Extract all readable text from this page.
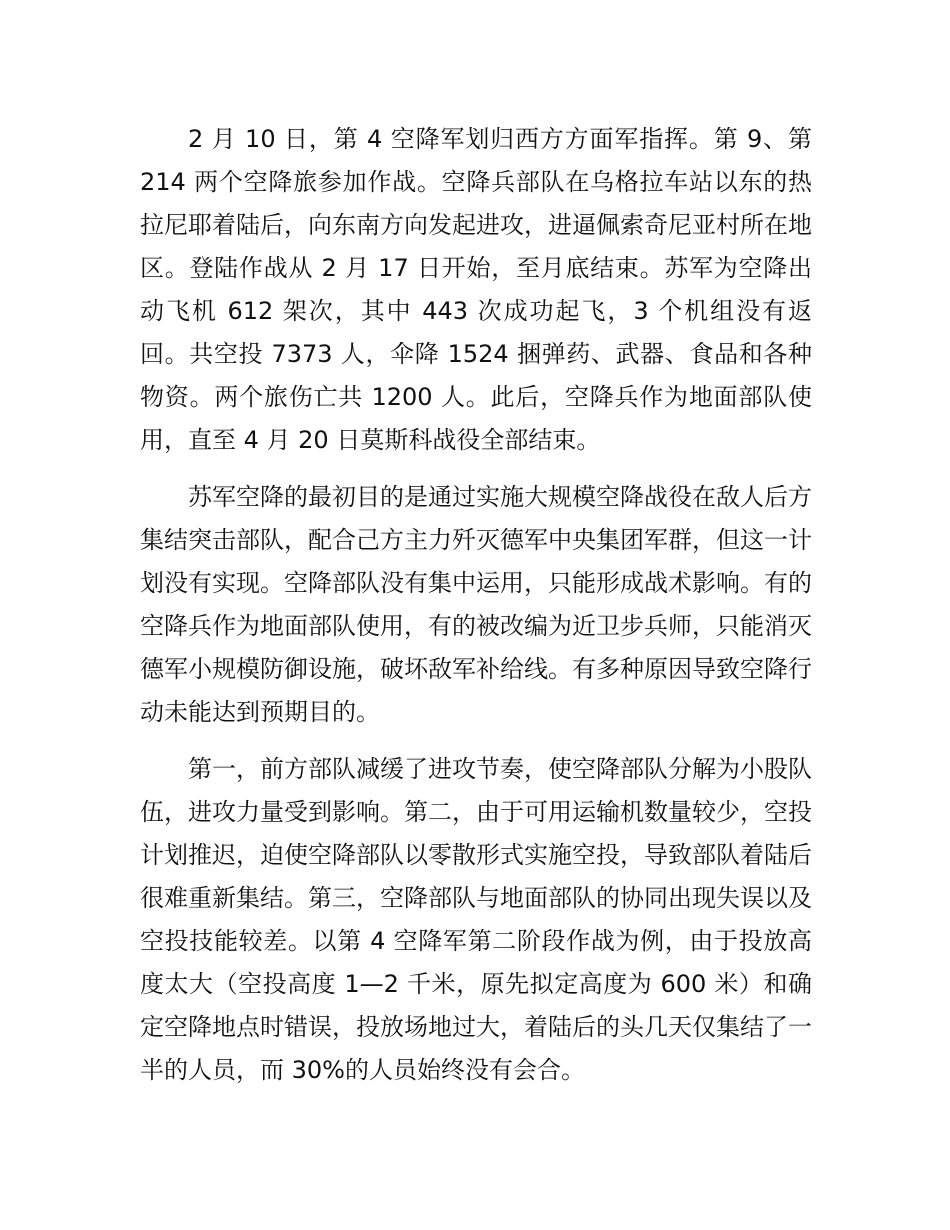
2 月 10 日，第 4 空降军划归西方方面军指挥。第 9、第 214 两个空降旅参加作战。空降兵部队在乌格拉车站以东的热拉尼耶着陆后，向东南方向发起进攻，进逼佩索奇尼亚村所在地区。登陆作战从 2 月 17 日开始，至月底结束。苏军为空降出动飞机 612 架次，其中 443 次成功起飞，3 个机组没有返回。共空投 7373 人，伞降 1524 捆弹药、武器、食品和各种物资。两个旅伤亡共 1200 人。此后，空降兵作为地面部队使用，直至 4 月 20 日莫斯科战役全部结束。

苏军空降的最初目的是通过实施大规模空降战役在敌人后方集结突击部队，配合己方主力歼灭德军中央集团军群，但这一计划没有实现。空降部队没有集中运用，只能形成战术影响。有的空降兵作为地面部队使用，有的被改编为近卫步兵师，只能消灭德军小规模防御设施，破坏敌军补给线。有多种原因导致空降行动未能达到预期目的。

第一，前方部队减缓了进攻节奏，使空降部队分解为小股队伍，进攻力量受到影响。第二，由于可用运输机数量较少，空投计划推迟，迫使空降部队以零散形式实施空投，导致部队着陆后很难重新集结。第三，空降部队与地面部队的协同出现失误以及空投技能较差。以第 4 空降军第二阶段作战为例，由于投放高度太大（空投高度 1—2 千米，原先拟定高度为 600 米）和确定空降地点时错误，投放场地过大，着陆后的头几天仅集结了一半的人员，而 30%的人员始终没有会合。
